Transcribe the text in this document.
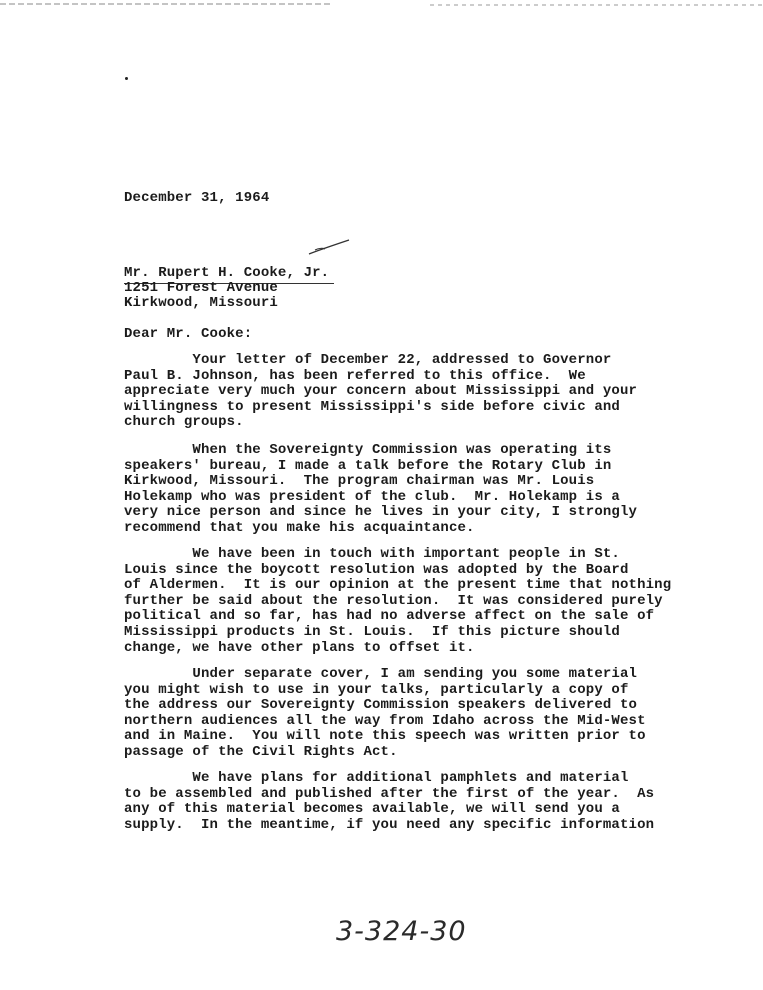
December 31, 1964
Mr. Rupert H. Cooke, Jr.
1251 Forest Avenue
Kirkwood, Missouri
Dear Mr. Cooke:
Your letter of December 22, addressed to Governor
Paul B. Johnson, has been referred to this office.  We
appreciate very much your concern about Mississippi and your
willingness to present Mississippi's side before civic and
church groups.
When the Sovereignty Commission was operating its
speakers' bureau, I made a talk before the Rotary Club in
Kirkwood, Missouri.  The program chairman was Mr. Louis
Holekamp who was president of the club.  Mr. Holekamp is a
very nice person and since he lives in your city, I strongly
recommend that you make his acquaintance.
We have been in touch with important people in St.
Louis since the boycott resolution was adopted by the Board
of Aldermen.  It is our opinion at the present time that nothing
further be said about the resolution.  It was considered purely
political and so far, has had no adverse affect on the sale of
Mississippi products in St. Louis.  If this picture should
change, we have other plans to offset it.
Under separate cover, I am sending you some material
you might wish to use in your talks, particularly a copy of
the address our Sovereignty Commission speakers delivered to
northern audiences all the way from Idaho across the Mid-West
and in Maine.  You will note this speech was written prior to
passage of the Civil Rights Act.
We have plans for additional pamphlets and material
to be assembled and published after the first of the year.  As
any of this material becomes available, we will send you a
supply.  In the meantime, if you need any specific information
3-324-30
